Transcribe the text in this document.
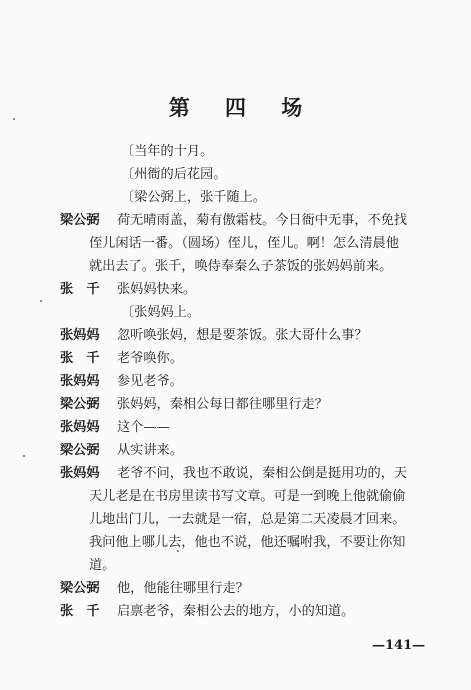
第 四 场
〔当年的十月。
〔州衙的后花园。
〔梁公弼上，张千随上。
梁公弼 荷无晴雨盖，菊有傲霜枝。今日衙中无事，不免找
侄儿闲话一番。（圆场）侄儿，侄儿。啊！怎么清晨他
就出去了。张千，唤侍奉秦么子茶饭的张妈妈前来。
张　千 张妈妈快来。
〔张妈妈上。
张妈妈 忽听唤张妈，想是要茶饭。张大哥什么事？
张　千 老爷唤你。
张妈妈 参见老爷。
梁公弼 张妈妈，秦相公每日都往哪里行走？
张妈妈 这个——
梁公弼 从实讲来。
张妈妈 老爷不问，我也不敢说，秦相公倒是挺用功的，天
天儿老是在书房里读书写文章。可是一到晚上他就偷偷
儿地出门儿，一去就是一宿，总是第二天凌晨才回来。
我问他上哪儿去，他也不说，他还嘱咐我，不要让你知
道。
梁公弼 他，他能往哪里行走？
张　千 启禀老爷，秦相公去的地方，小的知道。
—141—
